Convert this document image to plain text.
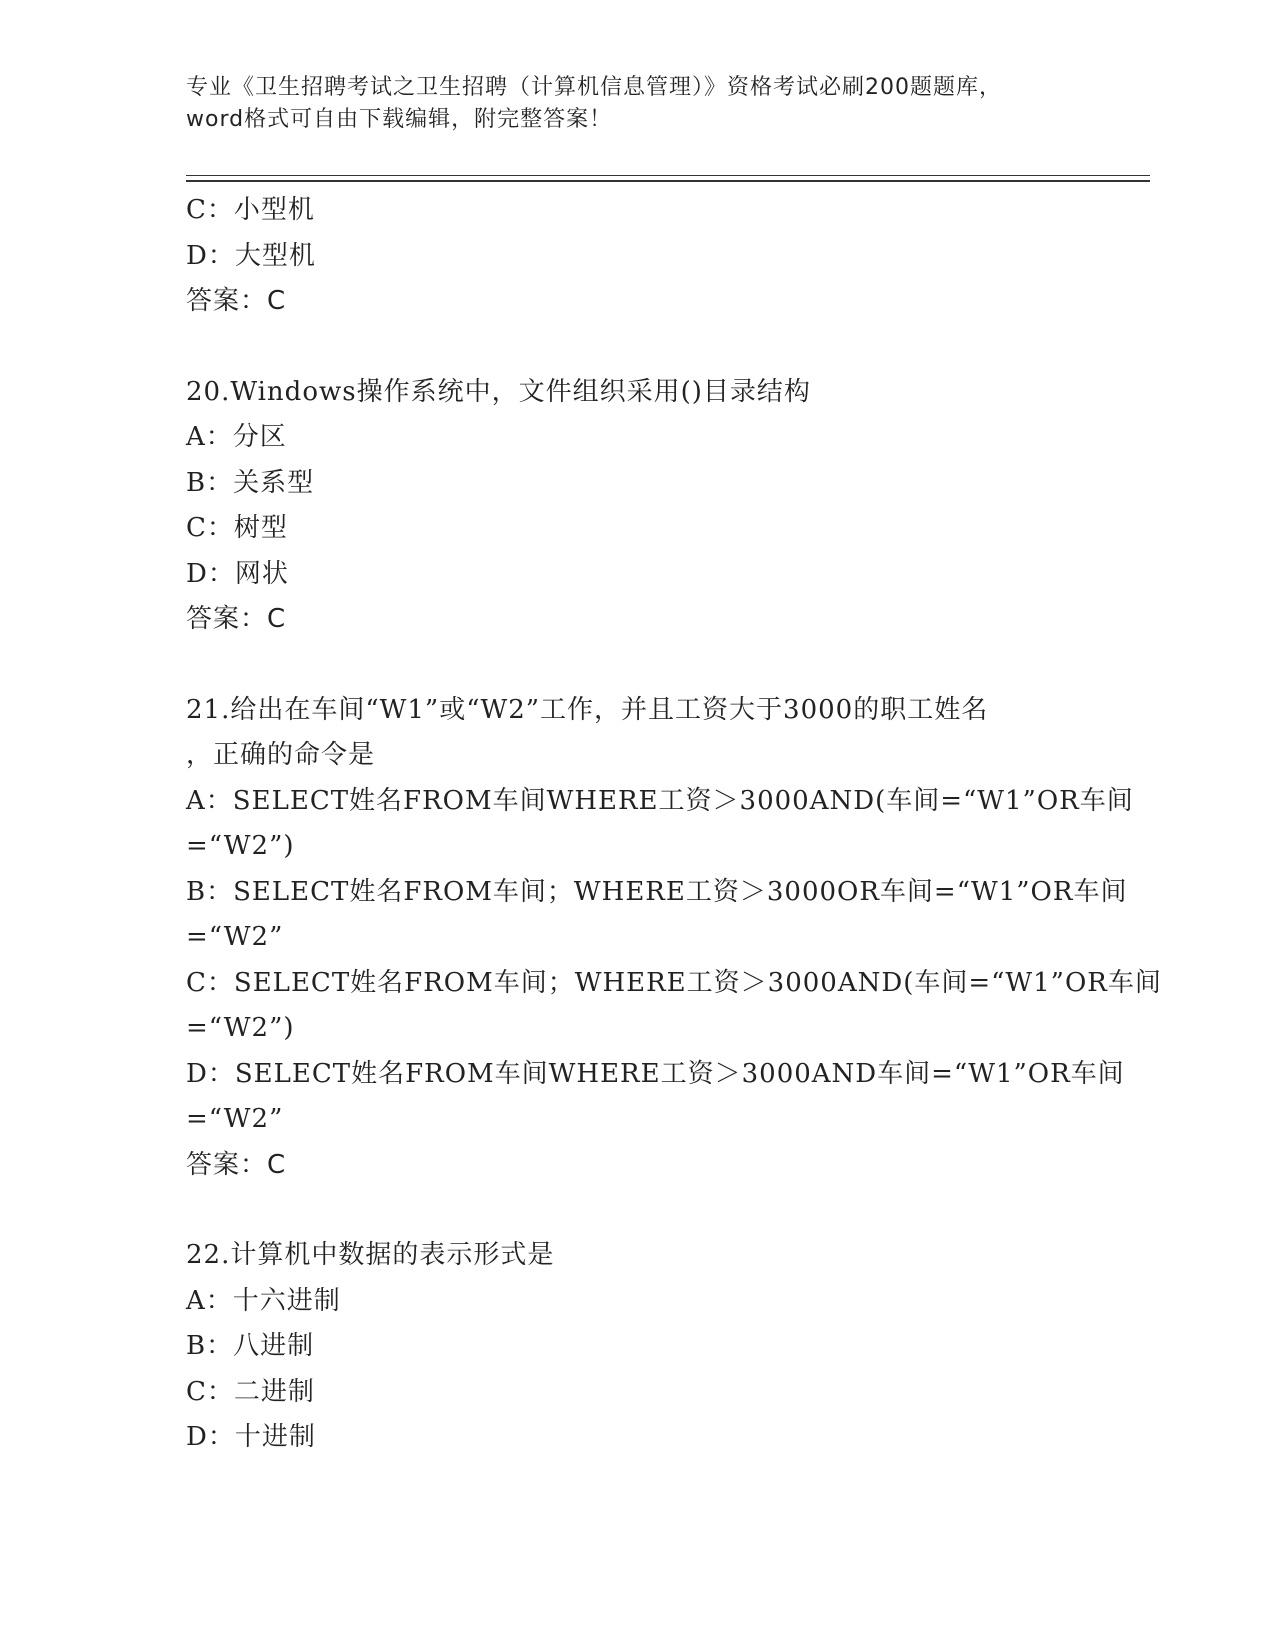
专业《卫生招聘考试之卫生招聘（计算机信息管理）》资格考试必刷200题题库，
word格式可自由下载编辑，附完整答案！
C：小型机
D：大型机
答案：C
20.Windows操作系统中，文件组织采用()目录结构
A：分区
B：关系型
C：树型
D：网状
答案：C
21.给出在车间“W1”或“W2”工作，并且工资大于3000的职工姓名
，正确的命令是
A：SELECT姓名FROM车间WHERE工资＞3000AND(车间=“W1”OR车间
=“W2”)
B：SELECT姓名FROM车间；WHERE工资＞3000OR车间=“W1”OR车间
=“W2”
C：SELECT姓名FROM车间；WHERE工资＞3000AND(车间=“W1”OR车间
=“W2”)
D：SELECT姓名FROM车间WHERE工资＞3000AND车间=“W1”OR车间
=“W2”
答案：C
22.计算机中数据的表示形式是
A：十六进制
B：八进制
C：二进制
D：十进制
